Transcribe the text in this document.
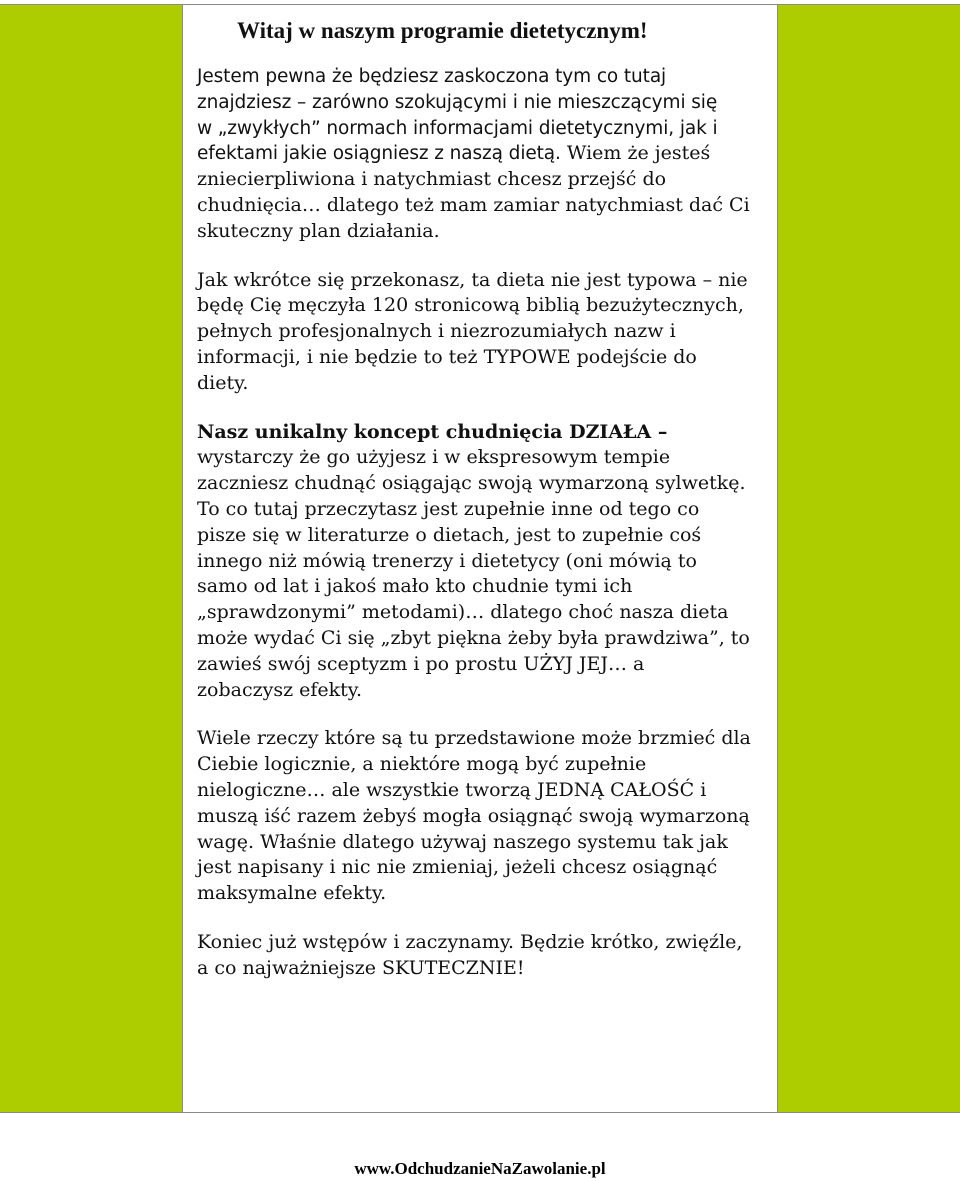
Witaj w naszym programie dietetycznym!

Jestem pewna że będziesz zaskoczona tym co tutaj
znajdziesz – zarówno szokującymi i nie mieszczącymi się
w „zwykłych” normach informacjami dietetycznymi, jak i
efektami jakie osiągniesz z naszą dietą. Wiem że jesteś
zniecierpliwiona i natychmiast chcesz przejść do
chudnięcia… dlatego też mam zamiar natychmiast dać Ci
skuteczny plan działania.

Jak wkrótce się przekonasz, ta dieta nie jest typowa – nie
będę Cię męczyła 120 stronicową biblią bezużytecznych,
pełnych profesjonalnych i niezrozumiałych nazw i
informacji, i nie będzie to też TYPOWE podejście do
diety.

Nasz unikalny koncept chudnięcia DZIAŁA –
wystarczy że go użyjesz i w ekspresowym tempie
zaczniesz chudnąć osiągając swoją wymarzoną sylwetkę.
To co tutaj przeczytasz jest zupełnie inne od tego co
pisze się w literaturze o dietach, jest to zupełnie coś
innego niż mówią trenerzy i dietetycy (oni mówią to
samo od lat i jakoś mało kto chudnie tymi ich
„sprawdzonymi” metodami)… dlatego choć nasza dieta
może wydać Ci się „zbyt piękna żeby była prawdziwa”, to
zawieś swój sceptyzm i po prostu UŻYJ JEJ… a
zobaczysz efekty.

Wiele rzeczy które są tu przedstawione może brzmieć dla
Ciebie logicznie, a niektóre mogą być zupełnie
nielogiczne… ale wszystkie tworzą JEDNĄ CAŁOŚĆ i
muszą iść razem żebyś mogła osiągnąć swoją wymarzoną
wagę. Właśnie dlatego używaj naszego systemu tak jak
jest napisany i nic nie zmieniaj, jeżeli chcesz osiągnąć
maksymalne efekty.

Koniec już wstępów i zaczynamy. Będzie krótko, zwięźle,
a co najważniejsze SKUTECZNIE!

www.OdchudzanieNaZawolanie.pl
